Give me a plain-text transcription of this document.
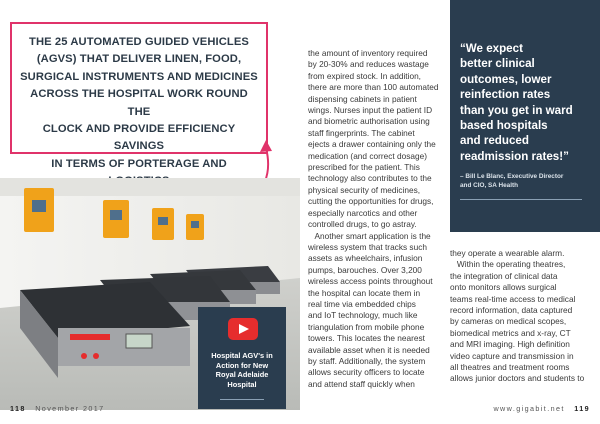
THE 25 AUTOMATED GUIDED VEHICLES
(AGVS) THAT DELIVER LINEN, FOOD,
SURGICAL INSTRUMENTS AND MEDICINES
ACROSS THE HOSPITAL WORK ROUND THE
CLOCK AND PROVIDE EFFICIENCY SAVINGS
IN TERMS OF PORTERAGE AND
Hospital AGV's in
Action for New
Royal Adelaide
Hospital

the amount of inventory required

by 20-30% and reduces wastage

from expired stock. In addition,

there are more than 100 automated

dispensing cabinets in patient

wings. Nurses input the patient ID

and biometric authorisation using

staff fingerprints. The cabinet

ejects a drawer containing only the

medication (and correct dosage)

prescribed for the patient. This

technology also contributes to the

physical security of medicines,

cutting the opportunities for drugs,

especially narcotics and other

controlled drugs, to go astray.

Another smart application is the

wireless system that tracks such

assets as wheelchairs, infusion

pumps, barouches. Over 3,200

wireless access points throughout

the hospital can locate them in

real time via embedded chips

and IoT technology, much like

triangulation from mobile phone

towers. This locates the nearest

available asset when it is needed

by staff. Additionally, the system

allows security officers to locate

and attend staff quickly when

“We expect
better clinical
outcomes, lower
reinfection rates
than you get in ward
based hospitals
and reduced
readmission rates!”
– Bill Le Blanc, Executive Director
and CIO, SA Health

they operate a wearable alarm.

Within the operating theatres,

the integration of clinical data

onto monitors allows surgical

teams real-time access to medical

record information, data captured

by cameras on medical scopes,

biomedical metrics and x-ray, CT

and MRI imaging. High definition

video capture and transmission in

all theatres and treatment rooms

allows junior doctors and students to

118 November 2017	www.gigabit.net 119
